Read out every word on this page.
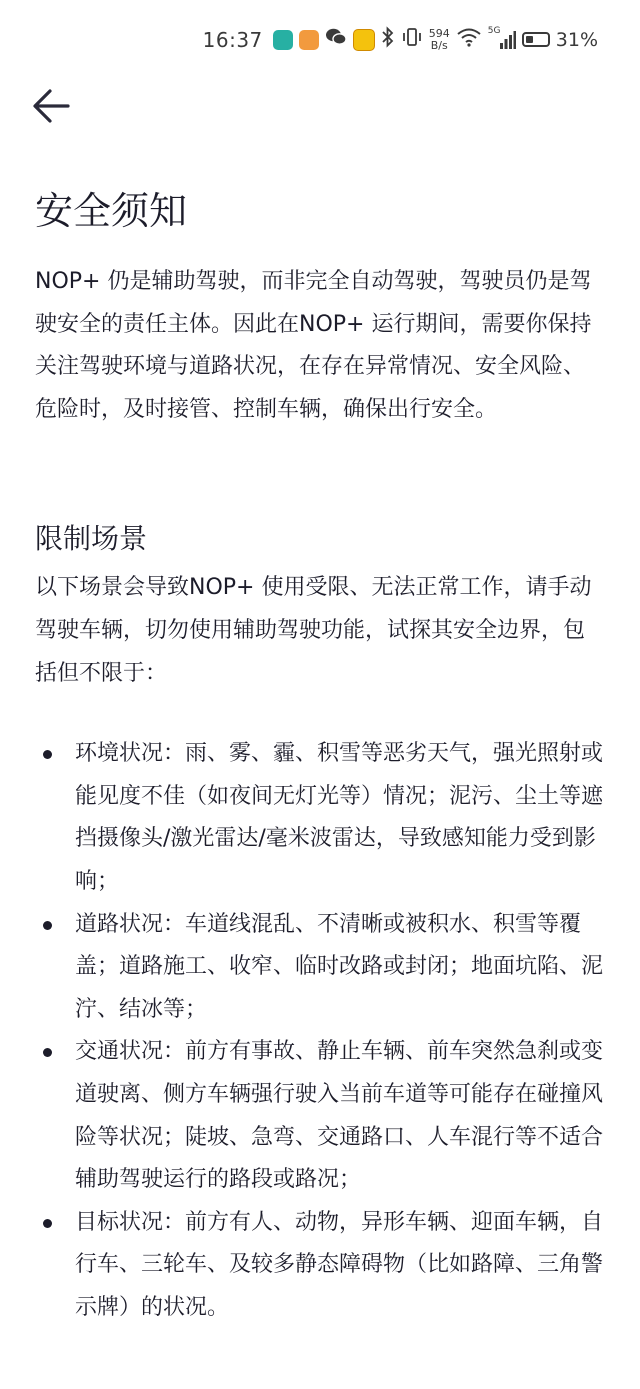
16:37	594
B/s
5G	31%
安全须知

NOP+ 仍是辅助驾驶，而非完全自动驾驶，驾驶员仍是驾驶安全的责任主体。因此在NOP+ 运行期间，需要你保持关注驾驶环境与道路状况，在存在异常情况、安全风险、危险时，及时接管、控制车辆，确保出行安全。

限制场景

以下场景会导致NOP+ 使用受限、无法正常工作，请手动驾驶车辆，切勿使用辅助驾驶功能，试探其安全边界，包括但不限于：

环境状况：雨、雾、霾、积雪等恶劣天气，强光照射或能见度不佳（如夜间无灯光等）情况；泥污、尘土等遮挡摄像头/激光雷达/毫米波雷达，导致感知能力受到影响；
道路状况：车道线混乱、不清晰或被积水、积雪等覆盖；道路施工、收窄、临时改路或封闭；地面坑陷、泥泞、结冰等；
交通状况：前方有事故、静止车辆、前车突然急刹或变道驶离、侧方车辆强行驶入当前车道等可能存在碰撞风险等状况；陡坡、急弯、交通路口、人车混行等不适合辅助驾驶运行的路段或路况；
目标状况：前方有人、动物，异形车辆、迎面车辆，自行车、三轮车、及较多静态障碍物（比如路障、三角警示牌）的状况。
